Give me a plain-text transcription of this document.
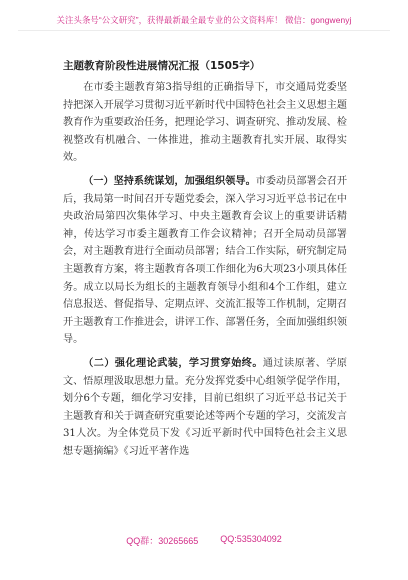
关注头条号“公文研究”，获得最新最全最专业的公文资料库！ 微信：gongwenyj
主题教育阶段性进展情况汇报（1505字）

在市委主题教育第3指导组的正确指导下，市交通局党委坚持把深入开展学习贯彻习近平新时代中国特色社会主义思想主题教育作为重要政治任务，把理论学习、调查研究、推动发展、检视整改有机融合、一体推进，推动主题教育扎实开展、取得实效。

（一）坚持系统谋划，加强组织领导。市委动员部署会召开后，我局第一时间召开专题党委会，深入学习习近平总书记在中央政治局第四次集体学习、中央主题教育会议上的重要讲话精神，传达学习市委主题教育工作会议精神；召开全局动员部署会，对主题教育进行全面动员部署；结合工作实际，研究制定局主题教育方案，将主题教育各项工作细化为6大项23小项具体任务。成立以局长为组长的主题教育领导小组和4个工作组，建立信息报送、督促指导、定期点评、交流汇报等工作机制，定期召开主题教育工作推进会，讲评工作、部署任务，全面加强组织领导。

（二）强化理论武装，学习贯穿始终。通过读原著、学原文、悟原理汲取思想力量。充分发挥党委中心组领学促学作用，划分6个专题，细化学习安排，目前已组织了习近平总书记关于主题教育和关于调查研究重要论述等两个专题的学习，交流发言31人次。为全体党员下发《习近平新时代中国特色社会主义思想专题摘编》《习近平著作选

QQ群：30265665 QQ:535304092
